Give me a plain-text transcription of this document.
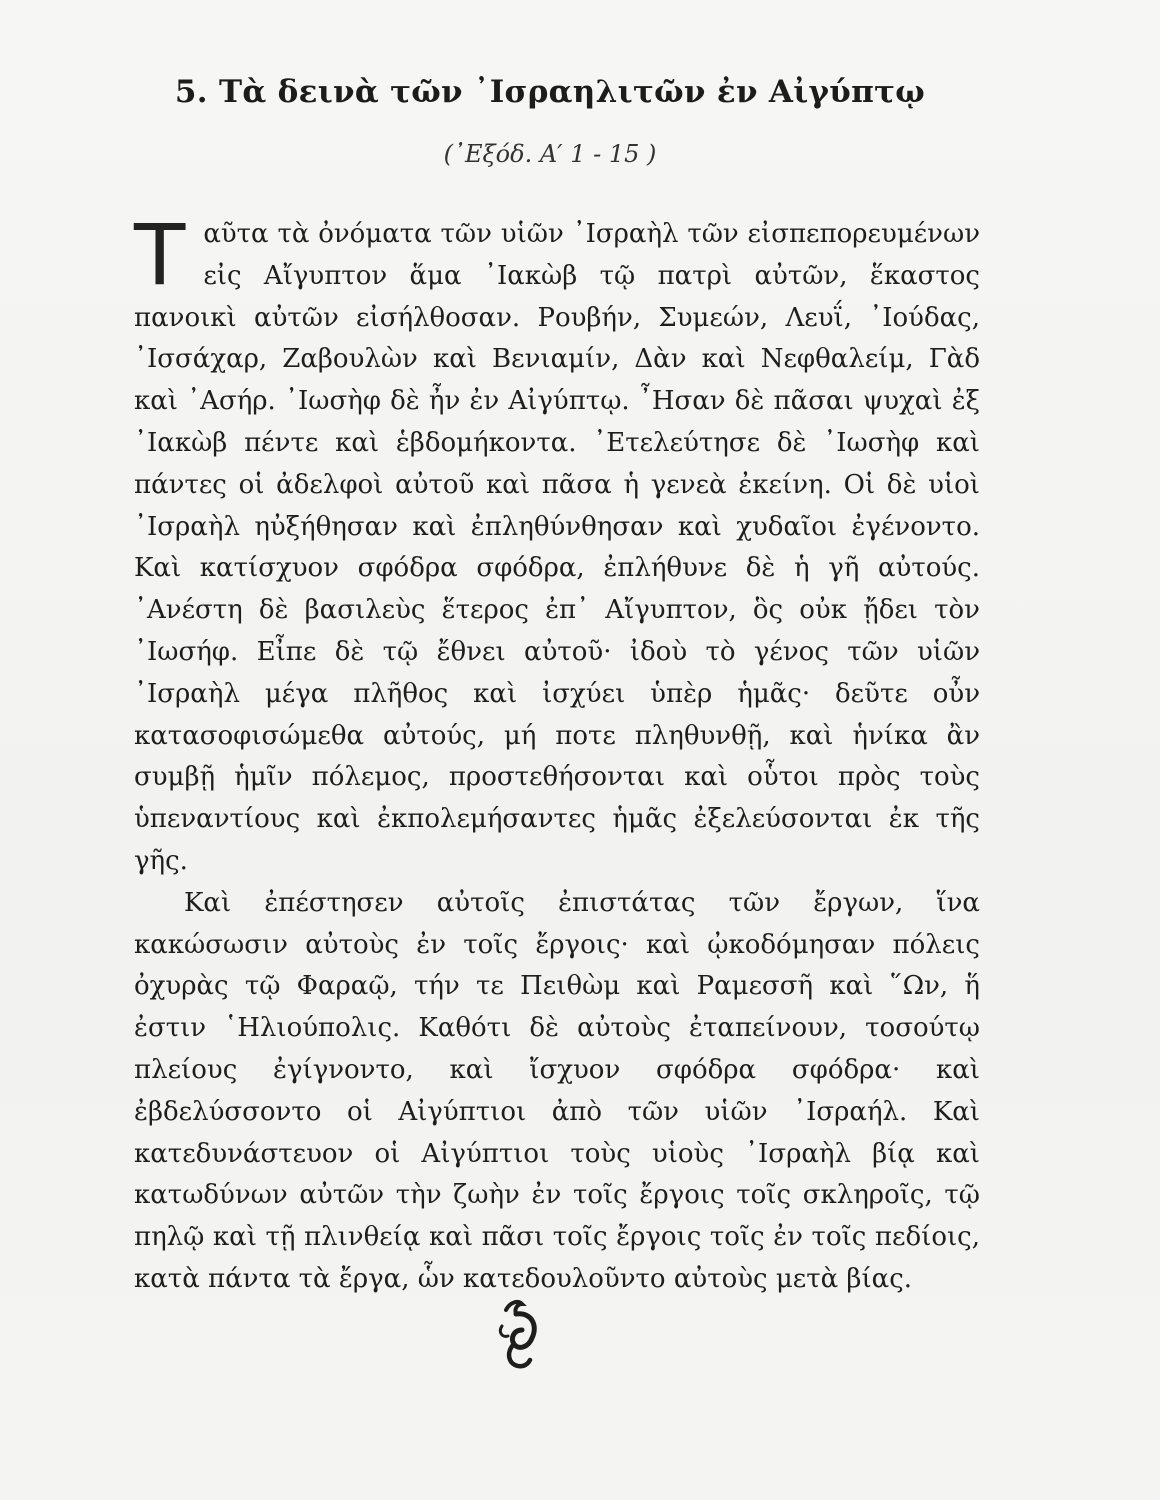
5. Τὰ δεινὰ τῶν ᾽Ισραηλιτῶν ἐν Αἰγύπτῳ
(᾽Εξόδ. Α′ 1 - 15 )

Ταῦτα τὰ ὀνόματα τῶν υἱῶν ᾽Ισραὴλ τῶν εἰσπεπορευμένων εἰς Αἴγυπτον ἅμα ᾽Ιακὼβ τῷ πατρὶ αὐτῶν, ἕκαστος πανοικὶ αὐτῶν εἰσήλθοσαν. Ρουβήν, Συμεών, Λευΐ, ᾽Ιούδας, ᾽Ισσάχαρ, Ζαβουλὼν καὶ Βενιαμίν, Δὰν καὶ Νεφθαλείμ, Γὰδ καὶ ᾽Ασήρ. ᾽Ιωσὴφ δὲ ἦν ἐν Αἰγύπτῳ. ῏Ησαν δὲ πᾶσαι ψυχαὶ ἐξ ᾽Ιακὼβ πέντε καὶ ἑβδομήκοντα. ᾽Ετελεύτησε δὲ ᾽Ιωσὴφ καὶ πάντες οἱ ἀδελφοὶ αὐτοῦ καὶ πᾶσα ἡ γενεὰ ἐκείνη. Οἱ δὲ υἱοὶ ᾽Ισραὴλ ηὐξήθησαν καὶ ἐπληθύνθησαν καὶ χυδαῖοι ἐγένοντο. Καὶ κατίσχυον σφόδρα σφόδρα, ἐπλήθυνε δὲ ἡ γῆ αὐτούς. ᾽Ανέστη δὲ βασιλεὺς ἕτερος ἐπ᾽ Αἴγυπτον, ὃς οὐκ ᾔδει τὸν ᾽Ιωσήφ. Εἶπε δὲ τῷ ἔθνει αὐτοῦ· ἰδοὺ τὸ γένος τῶν υἱῶν ᾽Ισραὴλ μέγα πλῆθος καὶ ἰσχύει ὑπὲρ ἡμᾶς· δεῦτε οὖν κατασοφισώμεθα αὐτούς, μή ποτε πληθυνθῇ, καὶ ἡνίκα ἂν συμβῇ ἡμῖν πόλεμος, προστεθήσονται καὶ οὗτοι πρὸς τοὺς ὑπεναντίους καὶ ἐκπολεμήσαντες ἡμᾶς ἐξελεύσονται ἐκ τῆς γῆς.

Καὶ ἐπέστησεν αὐτοῖς ἐπιστάτας τῶν ἔργων, ἵνα κακώσωσιν αὐτοὺς ἐν τοῖς ἔργοις· καὶ ᾠκοδόμησαν πόλεις ὀχυρὰς τῷ Φαραῷ, τήν τε Πειθὼμ καὶ Ραμεσσῆ καὶ ῞Ων, ἥ ἐστιν ῾Ηλιούπολις. Καθότι δὲ αὐτοὺς ἐταπείνουν, τοσούτῳ πλείους ἐγίγνοντο, καὶ ἴσχυον σφόδρα σφόδρα· καὶ ἐβδελύσσοντο οἱ Αἰγύπτιοι ἀπὸ τῶν υἱῶν ᾽Ισραήλ. Καὶ κατεδυνάστευον οἱ Αἰγύπτιοι τοὺς υἱοὺς ᾽Ισραὴλ βίᾳ καὶ κατωδύνων αὐτῶν τὴν ζωὴν ἐν τοῖς ἔργοις τοῖς σκληροῖς, τῷ πηλῷ καὶ τῇ πλινθείᾳ καὶ πᾶσι τοῖς ἔργοις τοῖς ἐν τοῖς πεδίοις, κατὰ πάντα τὰ ἔργα, ὧν κατεδουλοῦντο αὐτοὺς μετὰ βίας.
